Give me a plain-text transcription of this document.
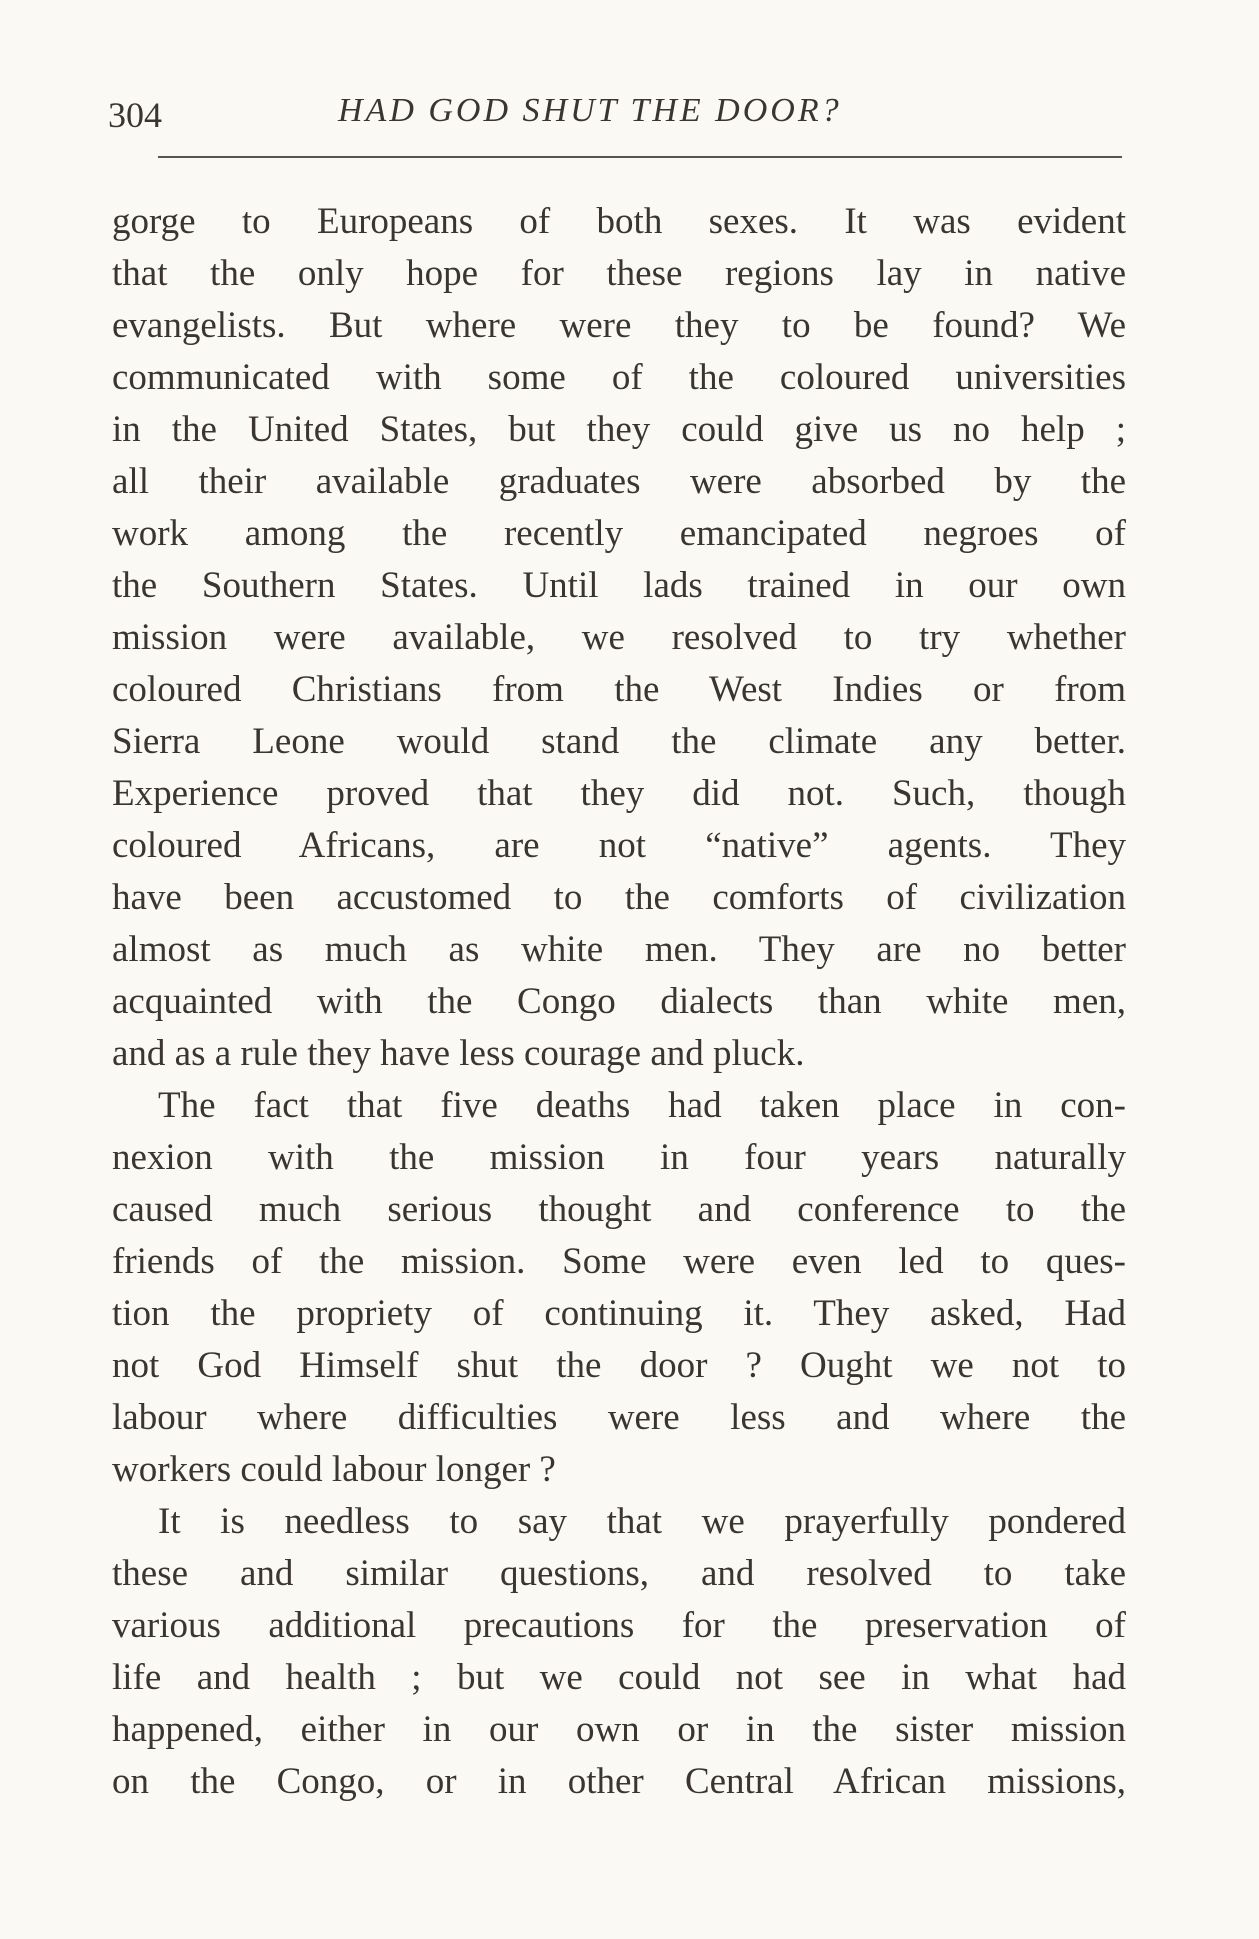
304	HAD GOD SHUT THE DOOR?
gorge to Europeans of both sexes. It was evident
that the only hope for these regions lay in native
evangelists. But where were they to be found? We
communicated with some of the coloured universities
in the United States, but they could give us no help ;
all their available graduates were absorbed by the
work among the recently emancipated negroes of
the Southern States. Until lads trained in our own
mission were available, we resolved to try whether
coloured Christians from the West Indies or from
Sierra Leone would stand the climate any better.
Experience proved that they did not. Such, though
coloured Africans, are not “native” agents. They
have been accustomed to the comforts of civilization
almost as much as white men. They are no better
acquainted with the Congo dialects than white men,
and as a rule they have less courage and pluck.
The fact that five deaths had taken place in con-
nexion with the mission in four years naturally
caused much serious thought and conference to the
friends of the mission. Some were even led to ques-
tion the propriety of continuing it. They asked, Had
not God Himself shut the door ? Ought we not to
labour where difficulties were less and where the
workers could labour longer ?
It is needless to say that we prayerfully pondered
these and similar questions, and resolved to take
various additional precautions for the preservation of
life and health ; but we could not see in what had
happened, either in our own or in the sister mission
on the Congo, or in other Central African missions,
